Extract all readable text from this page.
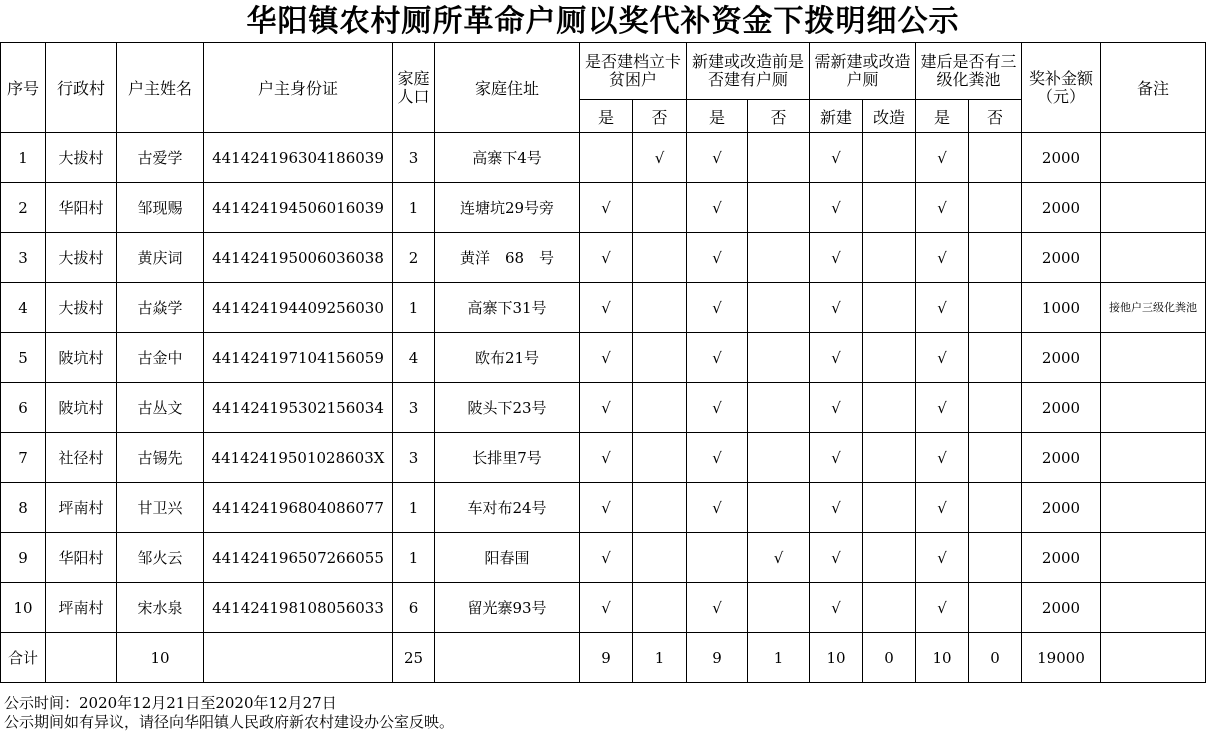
华阳镇农村厕所革命户厕以奖代补资金下拨明细公示
序号	行政村	户主姓名	户主身份证	家庭人口	家庭住址	是否建档立卡贫困户		新建或改造前是否建有户厕		需新建或改造户厕		建后是否有三级化粪池		奖补金额（元）	备注
						是	否	是	否	新建	改造	是	否		
1	大拔村	古爱学	441424196304186039	3	高寨下4号		√	√		√		√		2000	
2	华阳村	邹现赐	441424194506016039	1	连塘坑29号旁	√		√		√		√		2000	
3	大拔村	黄庆词	441424195006036038	2	黄洋　68　号	√		√		√		√		2000	
4	大拔村	古焱学	441424194409256030	1	高寨下31号	√		√		√		√		1000	接他户三级化粪池
5	陂坑村	古金中	441424197104156059	4	欧布21号	√		√		√		√		2000	
6	陂坑村	古丛文	441424195302156034	3	陂头下23号	√		√		√		√		2000	
7	社径村	古锡先	44142419501028603X	3	长排里7号	√		√		√		√		2000	
8	坪南村	甘卫兴	441424196804086077	1	车对布24号	√		√		√		√		2000	
9	华阳村	邹火云	441424196507266055	1	阳春围	√			√	√		√		2000	
10	坪南村	宋水泉	441424198108056033	6	留光寨93号	√		√		√		√		2000	
合计		10		25		9	1	9	1	10	0	10	0	19000	
公示时间：2020年12月21日至2020年12月27日
公示期间如有异议，请径向华阳镇人民政府新农村建设办公室反映。
